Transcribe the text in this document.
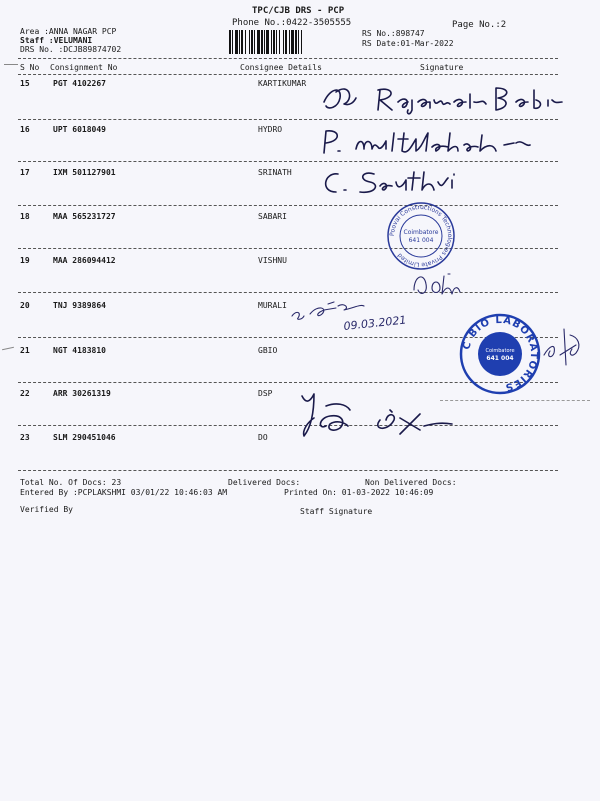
TPC/CJB DRS - PCP
Phone No.:0422-3505555	Page No.:2
Area :ANNA NAGAR PCP
Staff :VELUMANI
DRS No. :DCJB89874702
RS No.:898747
RS Date:01-Mar-2022
S No Consignment No	Consignee Details	Signature
15	PGT 4102267	KARTIKUMAR
16	UPT 6018049	HYDRO
17	IXM 501127901	SRINATH
18	MAA 565231727	SABARI
19	MAA 286094412	VISHNU
20	TNJ 9389864	MURALI
21	NGT 4183810	GBIO
22	ARR 30261319	DSP
23	SLM 290451046	DO
Total No. Of Docs: 23	Delivered Docs:	Non Delivered Docs:
Entered By :PCPLAKSHMI 03/01/22 10:46:03 AM	Printed On: 01-03-2022 10:46:09
Verified By	Staff Signature
09.03.2021
Poovai Constructions Technologies Private Limited
Coimbatore
641 004
C BIO LABORATORIES
Coimbatore
641 004
